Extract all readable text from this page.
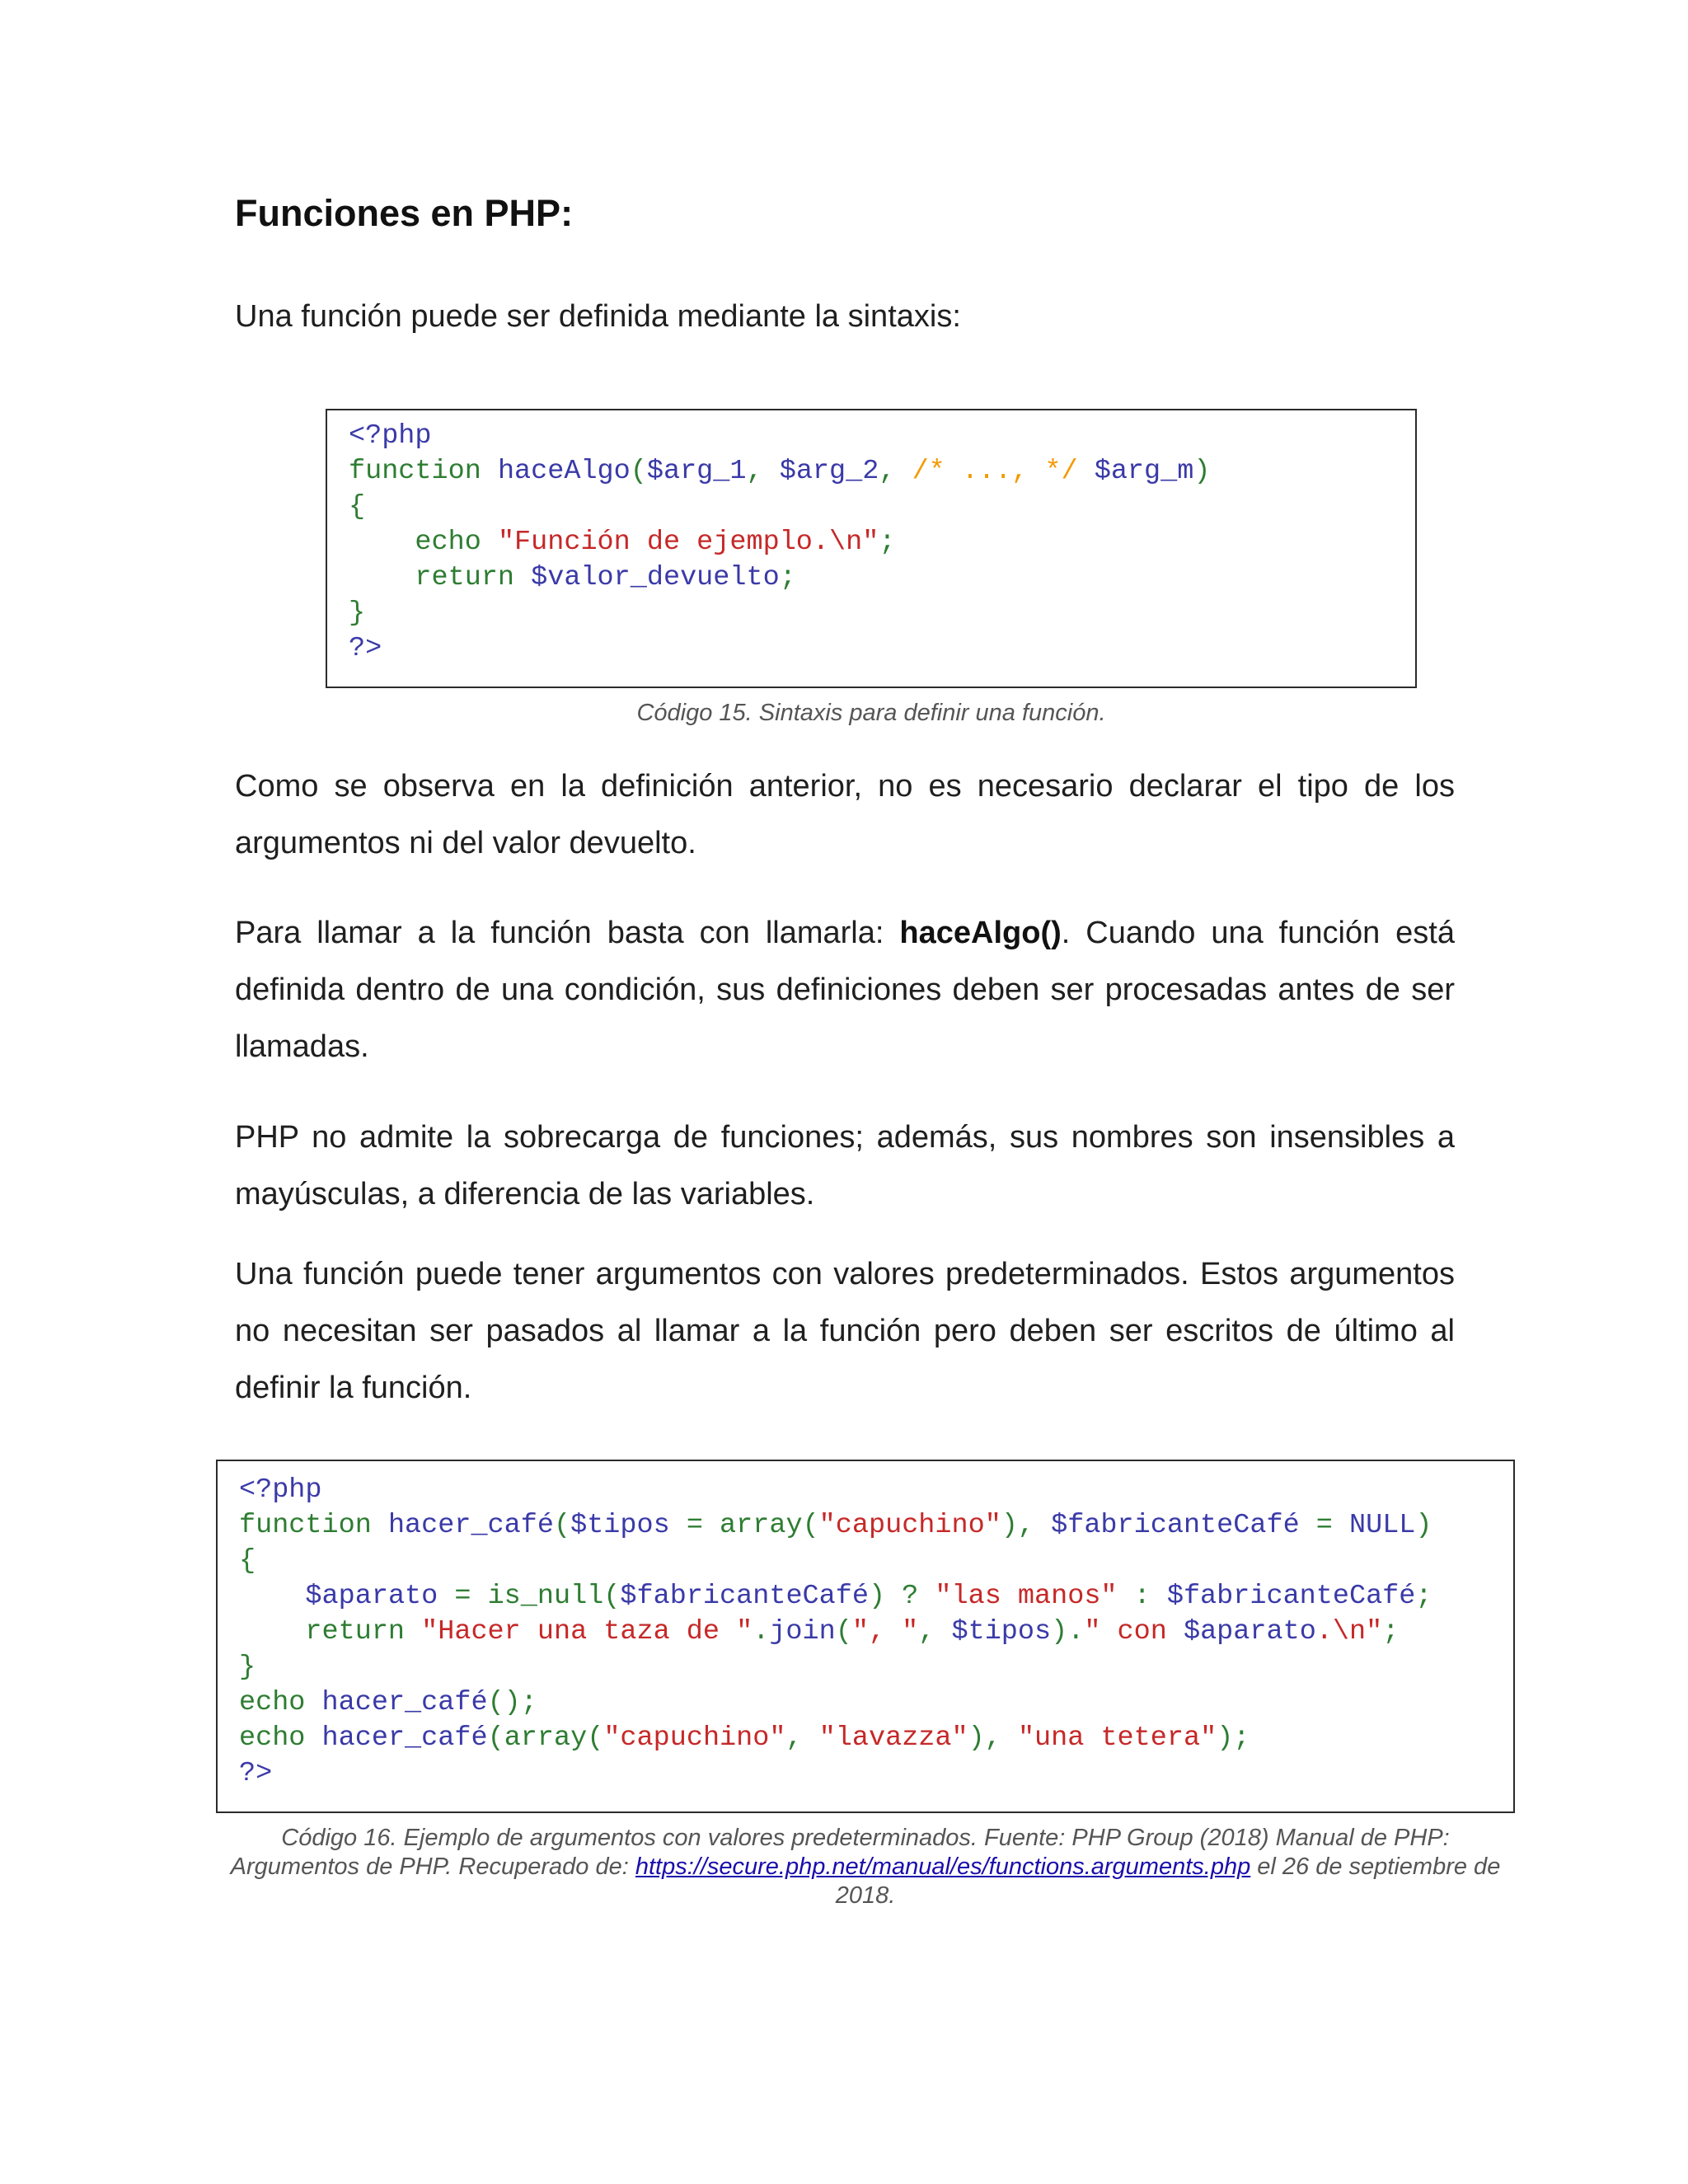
Funciones en PHP:

Una función puede ser definida mediante la sintaxis:

<?php
function haceAlgo($arg_1, $arg_2, /* ..., */ $arg_m)
{
echo "Función de ejemplo.\n";
return $valor_devuelto;
}
?>

Código 15. Sintaxis para definir una función.

Como se observa en la definición anterior, no es necesario declarar el tipo de los argumentos ni del valor devuelto.

Para llamar a la función basta con llamarla: haceAlgo(). Cuando una función está definida dentro de una condición, sus definiciones deben ser procesadas antes de ser llamadas.

PHP no admite la sobrecarga de funciones; además, sus nombres son insensibles a mayúsculas, a diferencia de las variables.

Una función puede tener argumentos con valores predeterminados. Estos argumentos no necesitan ser pasados al llamar a la función pero deben ser escritos de último al definir la función.

<?php
function hacer_café($tipos = array("capuchino"), $fabricanteCafé = NULL)
{
$aparato = is_null($fabricanteCafé) ? "las manos" : $fabricanteCafé;
return "Hacer una taza de ".join(", ", $tipos)." con $aparato.\n";
}
echo hacer_café();
echo hacer_café(array("capuchino", "lavazza"), "una tetera");
?>

Código 16. Ejemplo de argumentos con valores predeterminados. Fuente: PHP Group (2018) Manual de PHP: Argumentos de PHP. Recuperado de: https://secure.php.net/manual/es/functions.arguments.php el 26 de septiembre de 2018.
